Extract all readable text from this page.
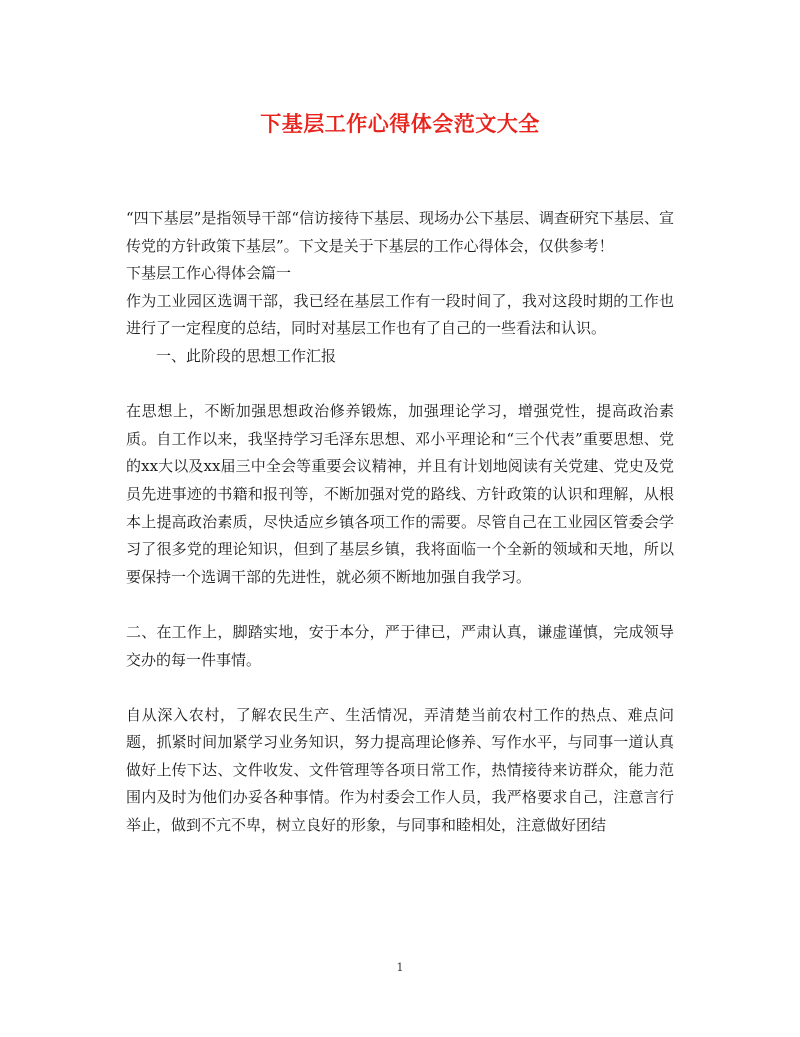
下基层工作心得体会范文大全

“四下基层”是指领导干部“信访接待下基层、现场办公下基层、调查研究下基层、宣传党的方针政策下基层”。下文是关于下基层的工作心得体会，仅供参考！

下基层工作心得体会篇一

作为工业园区选调干部，我已经在基层工作有一段时间了，我对这段时期的工作也进行了一定程度的总结，同时对基层工作也有了自己的一些看法和认识。

一、此阶段的思想工作汇报

在思想上，不断加强思想政治修养锻炼，加强理论学习，增强党性，提高政治素质。自工作以来，我坚持学习毛泽东思想、邓小平理论和“三个代表”重要思想、党的xx大以及xx届三中全会等重要会议精神，并且有计划地阅读有关党建、党史及党员先进事迹的书籍和报刊等，不断加强对党的路线、方针政策的认识和理解，从根本上提高政治素质，尽快适应乡镇各项工作的需要。尽管自己在工业园区管委会学习了很多党的理论知识，但到了基层乡镇，我将面临一个全新的领域和天地，所以要保持一个选调干部的先进性，就必须不断地加强自我学习。

二、在工作上，脚踏实地，安于本分，严于律已，严肃认真，谦虚谨慎，完成领导交办的每一件事情。

自从深入农村，了解农民生产、生活情况，弄清楚当前农村工作的热点、难点问题，抓紧时间加紧学习业务知识，努力提高理论修养、写作水平，与同事一道认真做好上传下达、文件收发、文件管理等各项日常工作，热情接待来访群众，能力范围内及时为他们办妥各种事情。作为村委会工作人员，我严格要求自己，注意言行举止，做到不亢不卑，树立良好的形象，与同事和睦相处，注意做好团结

1
